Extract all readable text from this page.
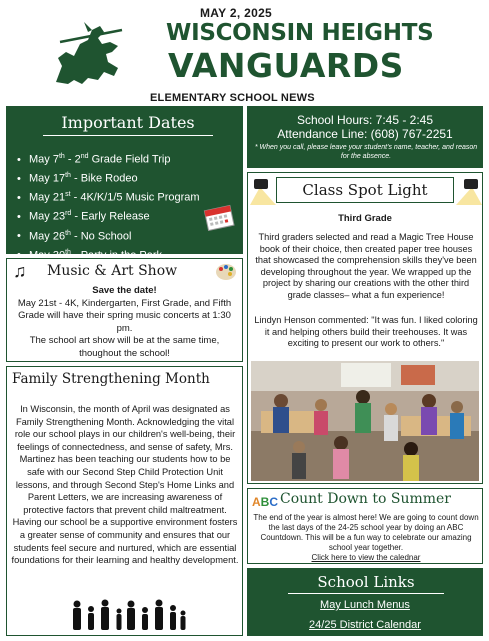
MAY 2, 2025
WISCONSIN HEIGHTS
VANGUARDS
ELEMENTARY SCHOOL NEWS
Important Dates
• May 7th - 2nd Grade Field Trip
• May 17th - Bike Rodeo
• May 21st - 4K/K/1/5 Music Program
• May 23rd - Early Release
• May 26th - No School
• May 30th - Party in the Park
♫ Music & Art Show
Save the date!
May 21st - 4K, Kindergarten, First Grade, and Fifth Grade will have their spring music concerts at 1:30 pm.
The school art show will be at the same time, thoughout the school!
Family Strengthening Month
In Wisconsin, the month of April was designated as Family Strengthening Month. Acknowledging the vital role our school plays in our children's well-being, their feelings of connectedness, and sense of safety, Mrs. Martinez has been teaching our students how to be safe with our Second Step Child Protection Unit lessons, and through Second Step's Home Links and Parent Letters, we are increasing awareness of protective factors that prevent child maltreatment. Having our school be a supportive environment fosters a greater sense of community and ensures that our students feel secure and nurtured, which are essential foundations for their learning and healthy development.
School Hours: 7:45 - 2:45
Attendance Line: (608) 767-2251
* When you call, please leave your student's name, teacher, and reason for the absence.
Class Spot Light
Third Grade
Third graders selected and read a Magic Tree House book of their choice, then created paper tree houses that showcased the comprehension skills they've been developing throughout the year. We wrapped up the project by sharing our creations with the other third grade classes– what a fun experience!
Lindyn Henson commented: "It was fun. I liked coloring it and helping others build their treehouses. It was exciting to present our work to others."
ABC Count Down to Summer
The end of the year is almost here! We are going to count down the last days of the 24-25 school year by doing an ABC Countdown. This will be a fun way to celebrate our amazing school year together.
Click here to view the calednar
School Links
May Lunch Menus
24/25 District Calendar
